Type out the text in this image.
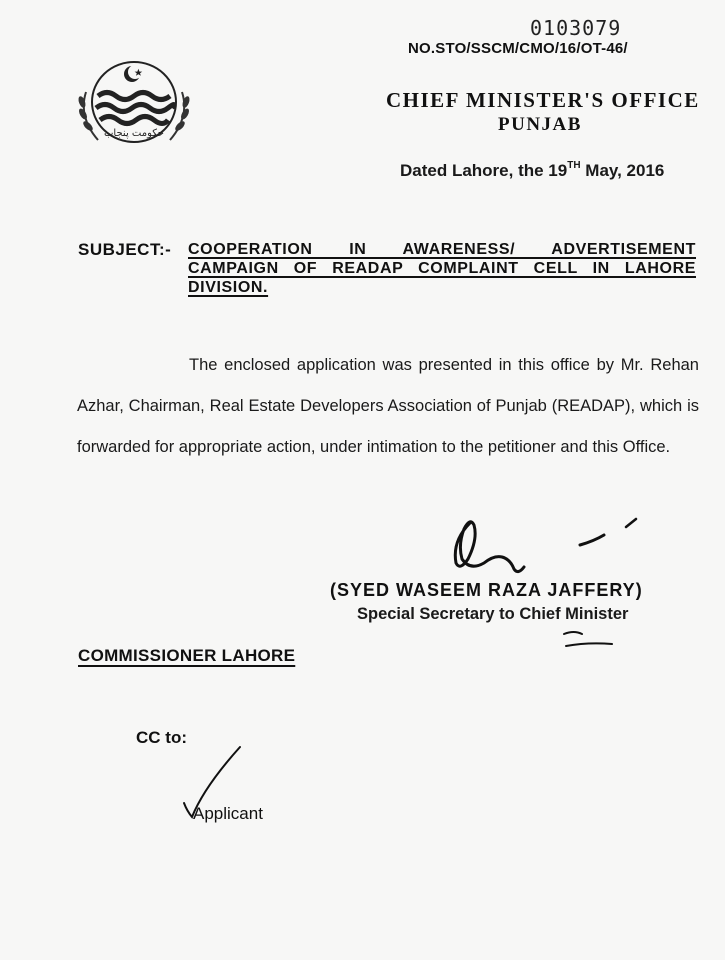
حکومت پنجاب
0103079
NO.STO/SSCM/CMO/16/OT-46/
CHIEF MINISTER'S OFFICE
PUNJAB
Dated Lahore, the 19TH May, 2016
SUBJECT:- COOPERATION IN AWARENESS/ ADVERTISEMENT CAMPAIGN OF READAP COMPLAINT CELL IN LAHORE DIVISION.
The enclosed application was presented in this office by Mr. Rehan Azhar, Chairman, Real Estate Developers Association of Punjab (READAP), which is forwarded for appropriate action, under intimation to the petitioner and this Office.
(SYED WASEEM RAZA JAFFERY)
Special Secretary to Chief Minister
COMMISSIONER LAHORE
CC to:
Applicant
